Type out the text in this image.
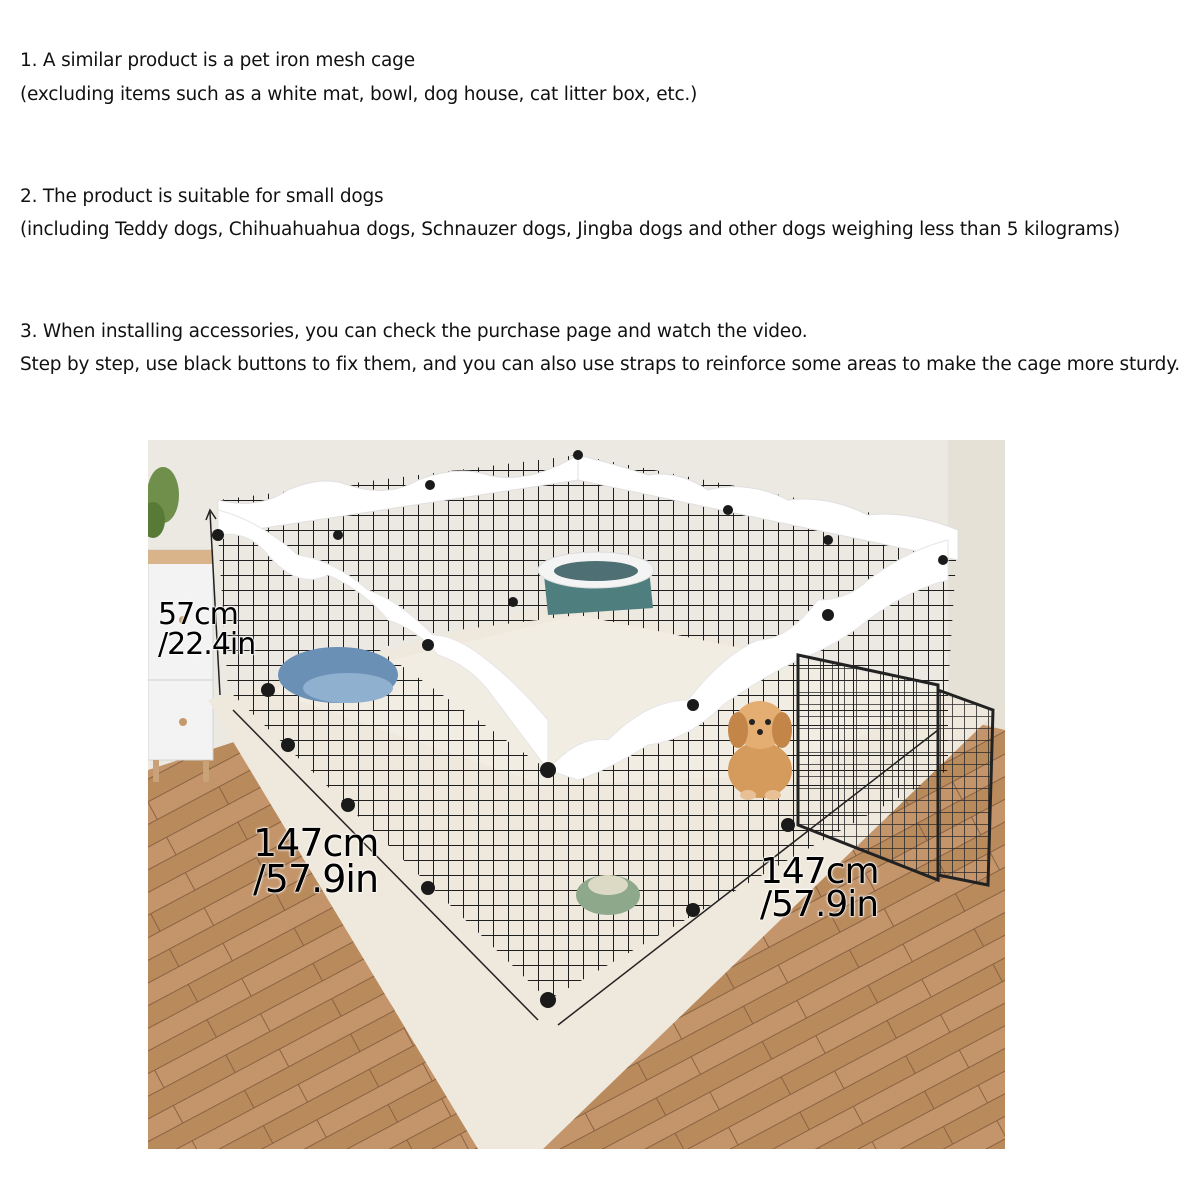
1. A similar product is a pet iron mesh cage
(excluding items such as a white mat, bowl, dog house, cat litter box, etc.)
2. The product is suitable for small dogs
(including Teddy dogs, Chihuahuahua dogs, Schnauzer dogs, Jingba dogs and other dogs weighing less than 5 kilograms)
3. When installing accessories, you can check the purchase page and watch the video.
Step by step, use black buttons to fix them, and you can also use straps to reinforce some areas to make the cage more sturdy.
57cm
/22.4in
147cm
/57.9in	147cm
/57.9in
